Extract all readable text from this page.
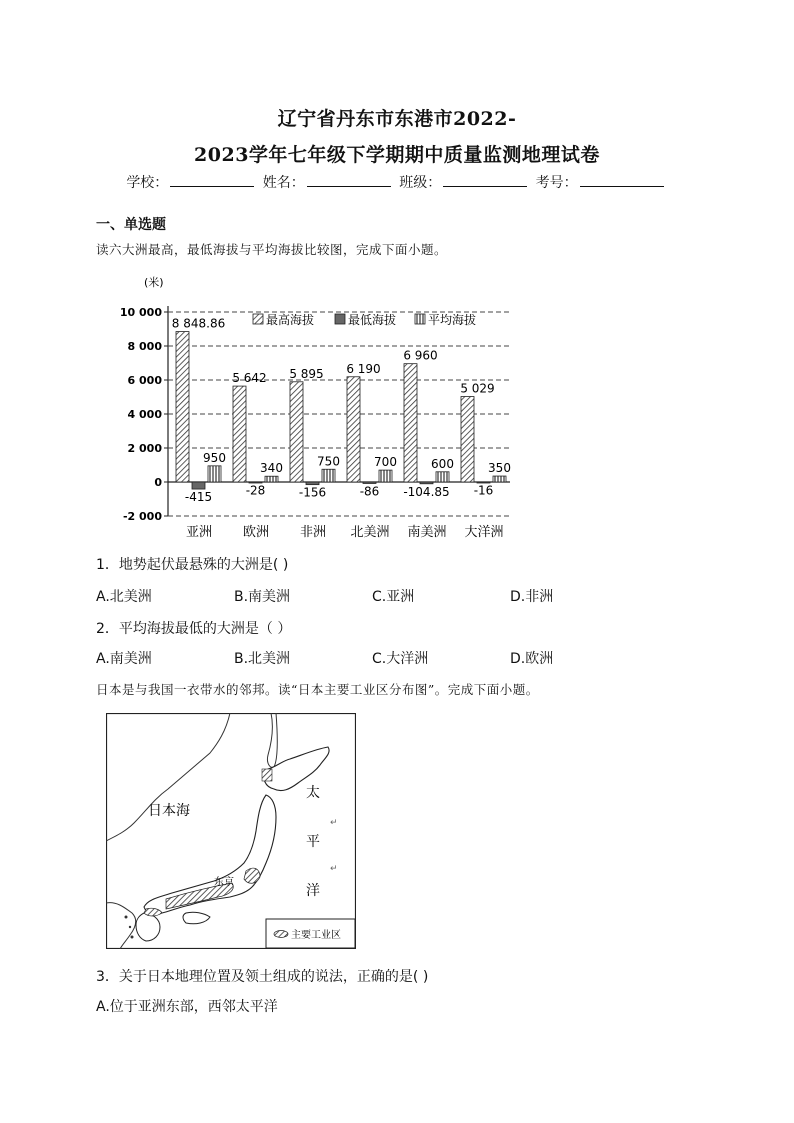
辽宁省丹东市东港市2022-
2023学年七年级下学期期中质量监测地理试卷
学校：	姓名：	班级：	考号：
一、单选题
读六大洲最高，最低海拔与平均海拔比较图，完成下面小题。
10 000
8 000
6 000
4 000
2 000
0
-2 000
8 848.86
-415
950
亚洲
5 642
-28
340
欧洲
5 895
-156
750
非洲
6 190
-86
700
北美洲
6 960
-104.85
600
南美洲
5 029
-16
350
大洋洲
(米)
最高海拔	最低海拔	平均海拔
1．地势起伏最悬殊的大洲是( )
A.北美洲	B.南美洲	C.亚洲	D.非洲
2．平均海拔最低的大洲是（ ）
A.南美洲	B.北美洲	C.大洋洲	D.欧洲
日本是与我国一衣带水的邻邦。读“日本主要工业区分布图”。完成下面小题。
日本海
东京
太
↵
平
↵
洋
主要工业区
3．关于日本地理位置及领土组成的说法，正确的是( )
A.位于亚洲东部，西邻太平洋
